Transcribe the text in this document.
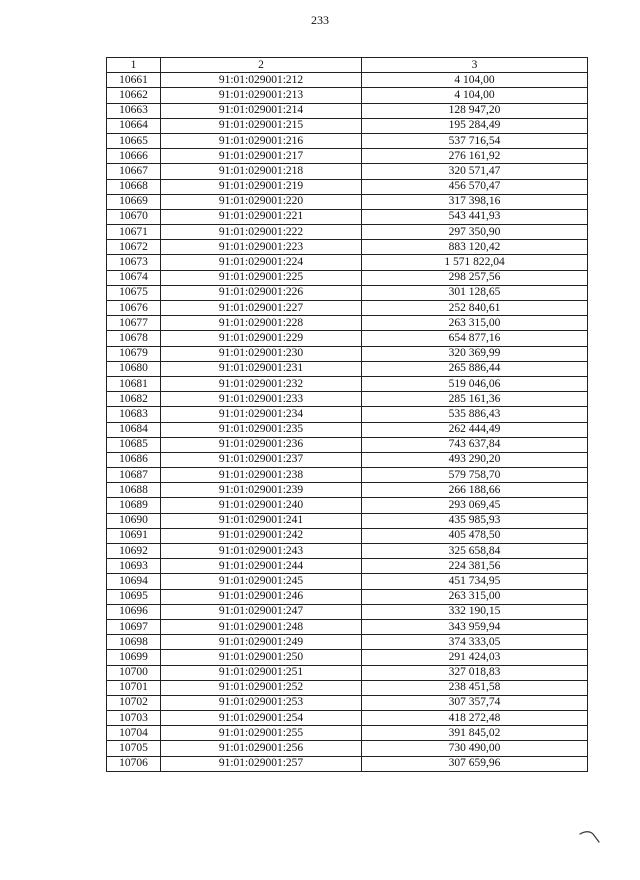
233
1	2	3
10661	91:01:029001:212	4 104,00
10662	91:01:029001:213	4 104,00
10663	91:01:029001:214	128 947,20
10664	91:01:029001:215	195 284,49
10665	91:01:029001:216	537 716,54
10666	91:01:029001:217	276 161,92
10667	91:01:029001:218	320 571,47
10668	91:01:029001:219	456 570,47
10669	91:01:029001:220	317 398,16
10670	91:01:029001:221	543 441,93
10671	91:01:029001:222	297 350,90
10672	91:01:029001:223	883 120,42
10673	91:01:029001:224	1 571 822,04
10674	91:01:029001:225	298 257,56
10675	91:01:029001:226	301 128,65
10676	91:01:029001:227	252 840,61
10677	91:01:029001:228	263 315,00
10678	91:01:029001:229	654 877,16
10679	91:01:029001:230	320 369,99
10680	91:01:029001:231	265 886,44
10681	91:01:029001:232	519 046,06
10682	91:01:029001:233	285 161,36
10683	91:01:029001:234	535 886,43
10684	91:01:029001:235	262 444,49
10685	91:01:029001:236	743 637,84
10686	91:01:029001:237	493 290,20
10687	91:01:029001:238	579 758,70
10688	91:01:029001:239	266 188,66
10689	91:01:029001:240	293 069,45
10690	91:01:029001:241	435 985,93
10691	91:01:029001:242	405 478,50
10692	91:01:029001:243	325 658,84
10693	91:01:029001:244	224 381,56
10694	91:01:029001:245	451 734,95
10695	91:01:029001:246	263 315,00
10696	91:01:029001:247	332 190,15
10697	91:01:029001:248	343 959,94
10698	91:01:029001:249	374 333,05
10699	91:01:029001:250	291 424,03
10700	91:01:029001:251	327 018,83
10701	91:01:029001:252	238 451,58
10702	91:01:029001:253	307 357,74
10703	91:01:029001:254	418 272,48
10704	91:01:029001:255	391 845,02
10705	91:01:029001:256	730 490,00
10706	91:01:029001:257	307 659,96
